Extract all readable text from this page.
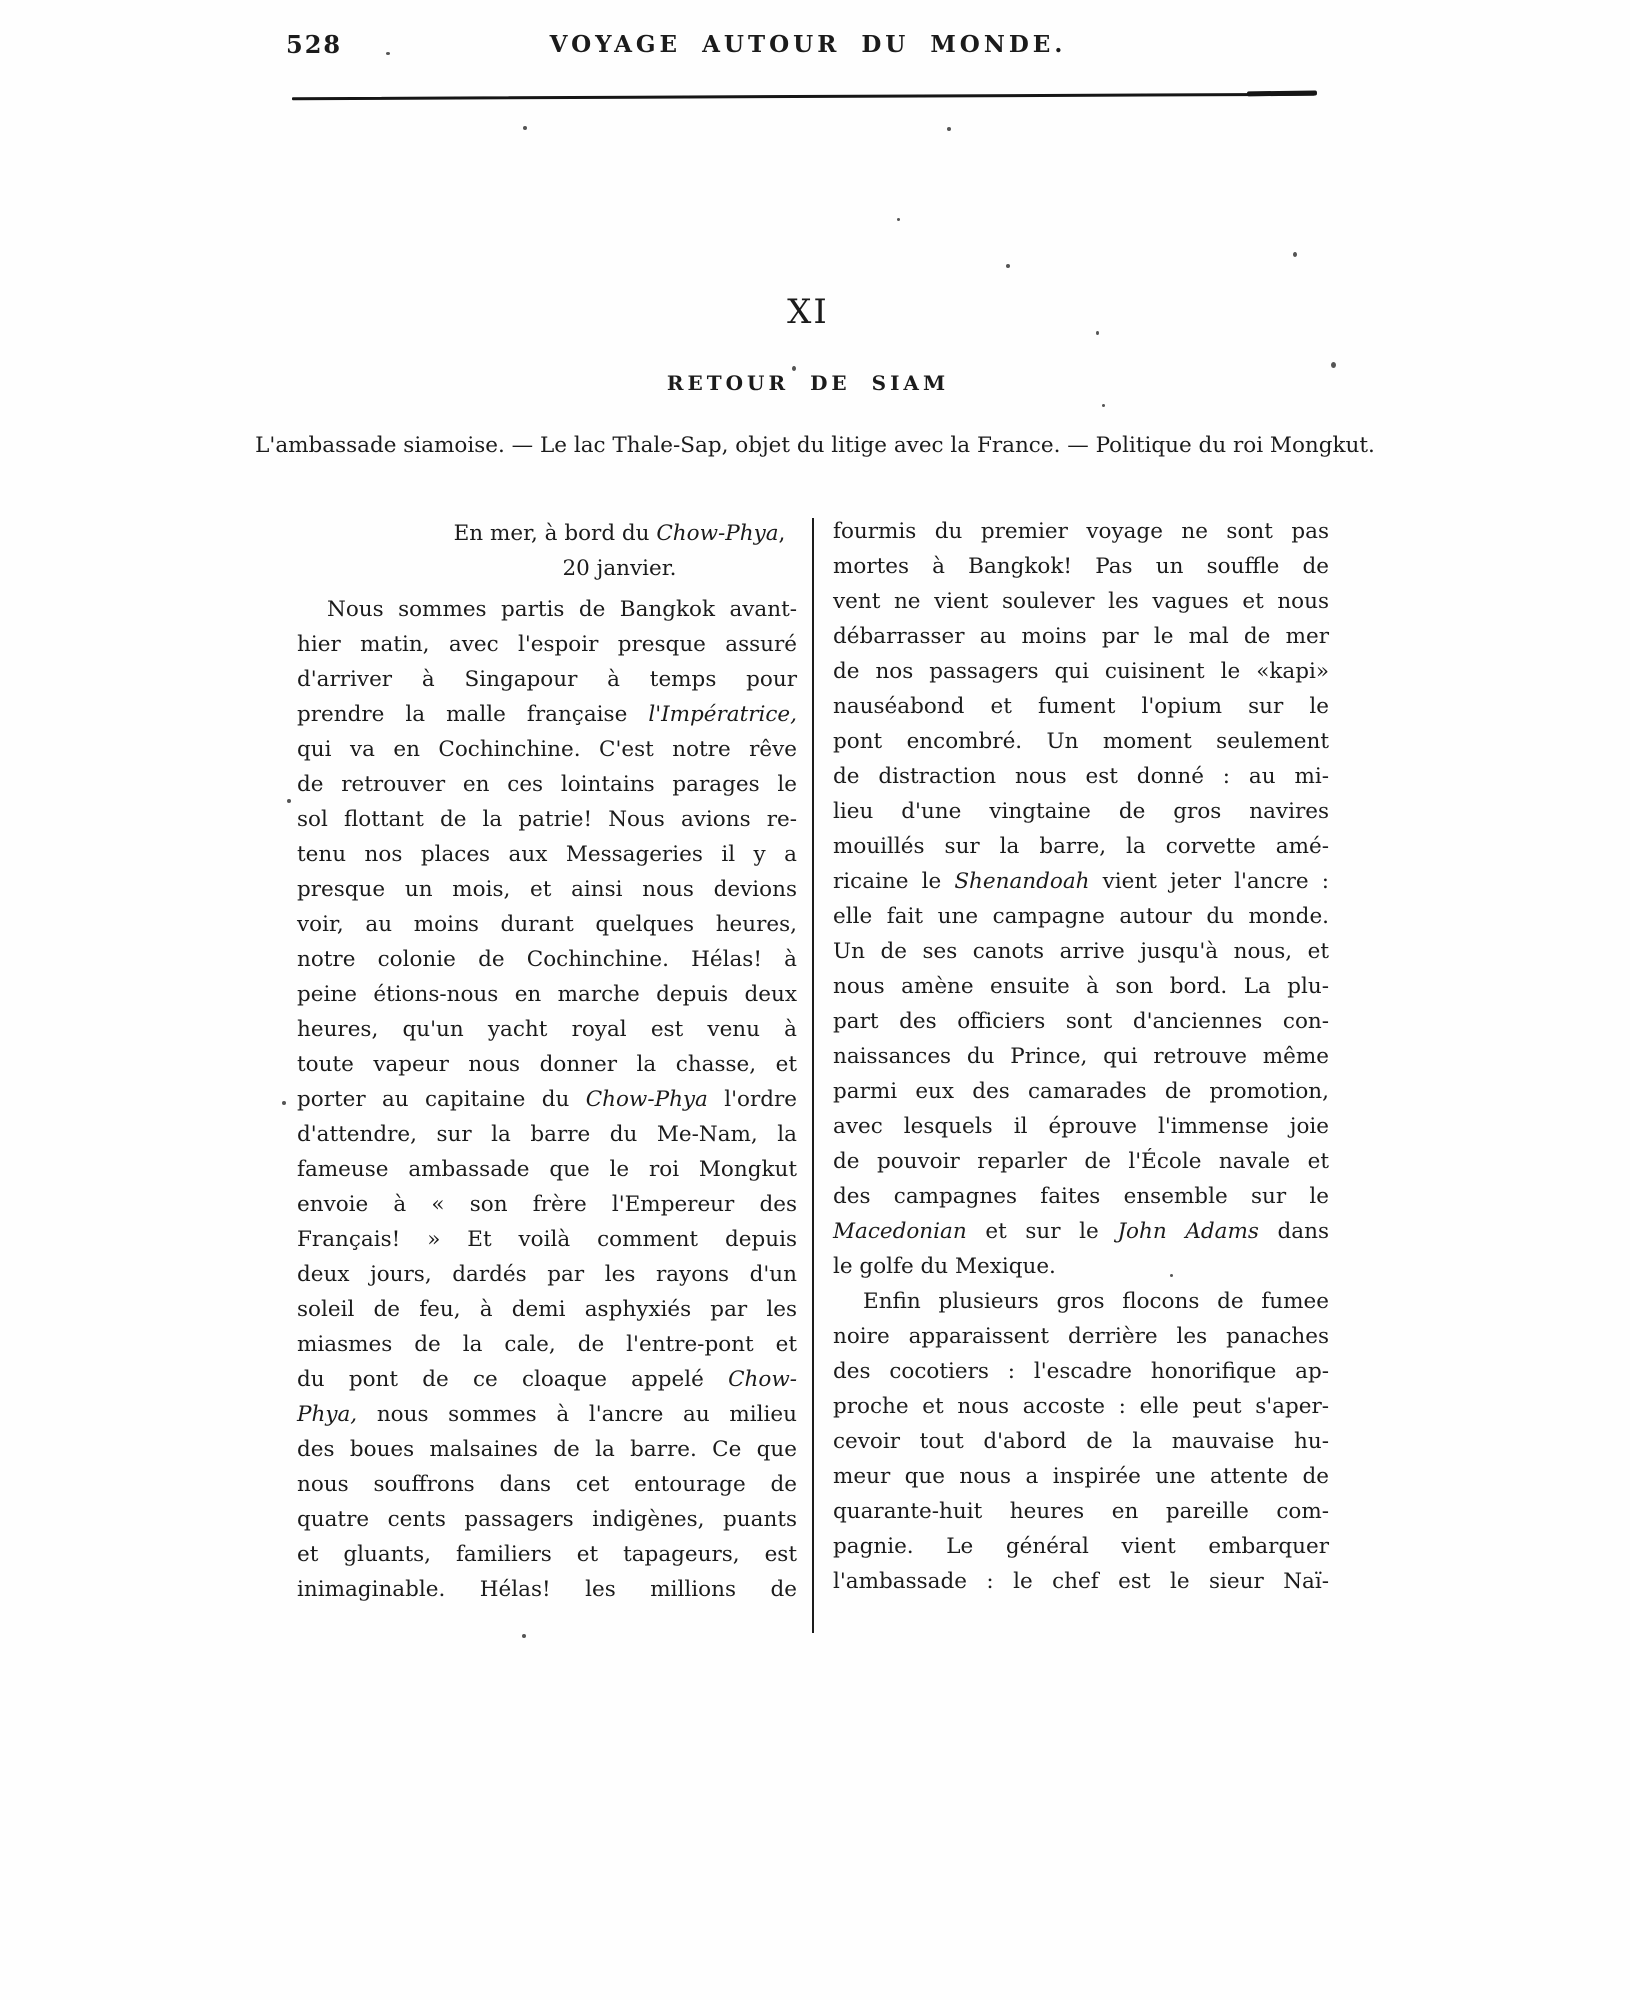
528	VOYAGE AUTOUR DU MONDE.
XI
RETOUR DE SIAM
L'ambassade siamoise. — Le lac Thale-Sap, objet du litige avec la France. — Politique du roi Mongkut.
En mer, à bord du Chow-Phya,
20 janvier.
Nous sommes partis de Bangkok avant-
hier matin, avec l'espoir presque assuré
d'arriver à Singapour à temps pour
prendre la malle française l'Impératrice,
qui va en Cochinchine. C'est notre rêve
de retrouver en ces lointains parages le
sol flottant de la patrie! Nous avions re-
tenu nos places aux Messageries il y a
presque un mois, et ainsi nous devions
voir, au moins durant quelques heures,
notre colonie de Cochinchine. Hélas! à
peine étions-nous en marche depuis deux
heures, qu'un yacht royal est venu à
toute vapeur nous donner la chasse, et
porter au capitaine du Chow-Phya l'ordre
d'attendre, sur la barre du Me-Nam, la
fameuse ambassade que le roi Mongkut
envoie à « son frère l'Empereur des
Français! » Et voilà comment depuis
deux jours, dardés par les rayons d'un
soleil de feu, à demi asphyxiés par les
miasmes de la cale, de l'entre-pont et
du pont de ce cloaque appelé Chow-
Phya, nous sommes à l'ancre au milieu
des boues malsaines de la barre. Ce que
nous souffrons dans cet entourage de
quatre cents passagers indigènes, puants
et gluants, familiers et tapageurs, est
inimaginable. Hélas! les millions de
fourmis du premier voyage ne sont pas
mortes à Bangkok! Pas un souffle de
vent ne vient soulever les vagues et nous
débarrasser au moins par le mal de mer
de nos passagers qui cuisinent le «kapi»
nauséabond et fument l'opium sur le
pont encombré. Un moment seulement
de distraction nous est donné : au mi-
lieu d'une vingtaine de gros navires
mouillés sur la barre, la corvette amé-
ricaine le Shenandoah vient jeter l'ancre :
elle fait une campagne autour du monde.
Un de ses canots arrive jusqu'à nous, et
nous amène ensuite à son bord. La plu-
part des officiers sont d'anciennes con-
naissances du Prince, qui retrouve même
parmi eux des camarades de promotion,
avec lesquels il éprouve l'immense joie
de pouvoir reparler de l'École navale et
des campagnes faites ensemble sur le
Macedonian et sur le John Adams dans
le golfe du Mexique.
Enfin plusieurs gros flocons de fumee
noire apparaissent derrière les panaches
des cocotiers : l'escadre honorifique ap-
proche et nous accoste : elle peut s'aper-
cevoir tout d'abord de la mauvaise hu-
meur que nous a inspirée une attente de
quarante-huit heures en pareille com-
pagnie. Le général vient embarquer
l'ambassade : le chef est le sieur Naï-
